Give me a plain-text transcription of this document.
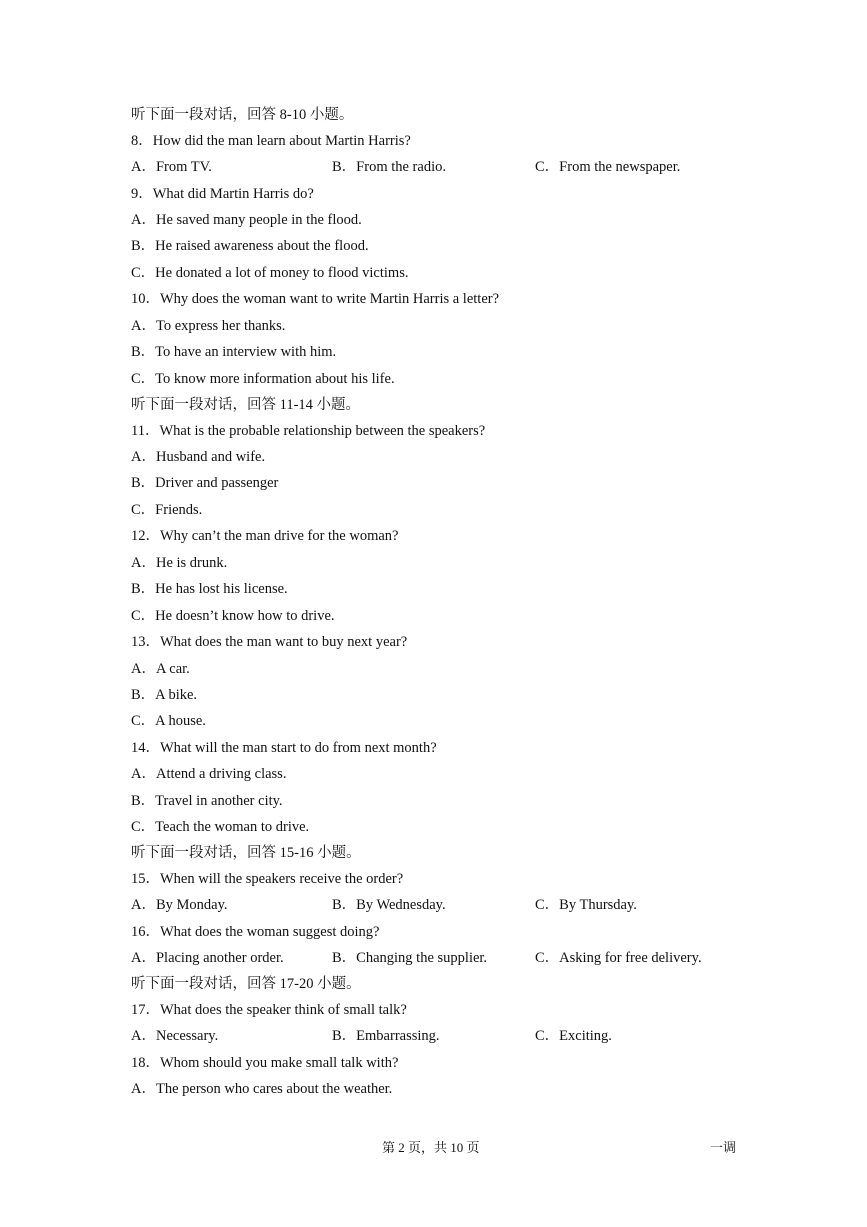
听下面一段对话，回答 8-10 小题。
8．How did the man learn about Martin Harris?
A．From TV.	B．From the radio.	C．From the newspaper.
9．What did Martin Harris do?
A．He saved many people in the flood.
B．He raised awareness about the flood.
C．He donated a lot of money to flood victims.
10．Why does the woman want to write Martin Harris a letter?
A．To express her thanks.
B．To have an interview with him.
C．To know more information about his life.
听下面一段对话，回答 11-14 小题。
11．What is the probable relationship between the speakers?
A．Husband and wife.
B．Driver and passenger
C．Friends.
12．Why can’t the man drive for the woman?
A．He is drunk.
B．He has lost his license.
C．He doesn’t know how to drive.
13．What does the man want to buy next year?
A．A car.
B．A bike.
C．A house.
14．What will the man start to do from next month?
A．Attend a driving class.
B．Travel in another city.
C．Teach the woman to drive.
听下面一段对话，回答 15-16 小题。
15．When will the speakers receive the order?
A．By Monday.	B．By Wednesday.	C．By Thursday.
16．What does the woman suggest doing?
A．Placing another order.	B．Changing the supplier.	C．Asking for free delivery.
听下面一段对话，回答 17-20 小题。
17．What does the speaker think of small talk?
A．Necessary.	B．Embarrassing.	C．Exciting.
18．Whom should you make small talk with?
A．The person who cares about the weather.
第 2 页，共 10 页	一调
